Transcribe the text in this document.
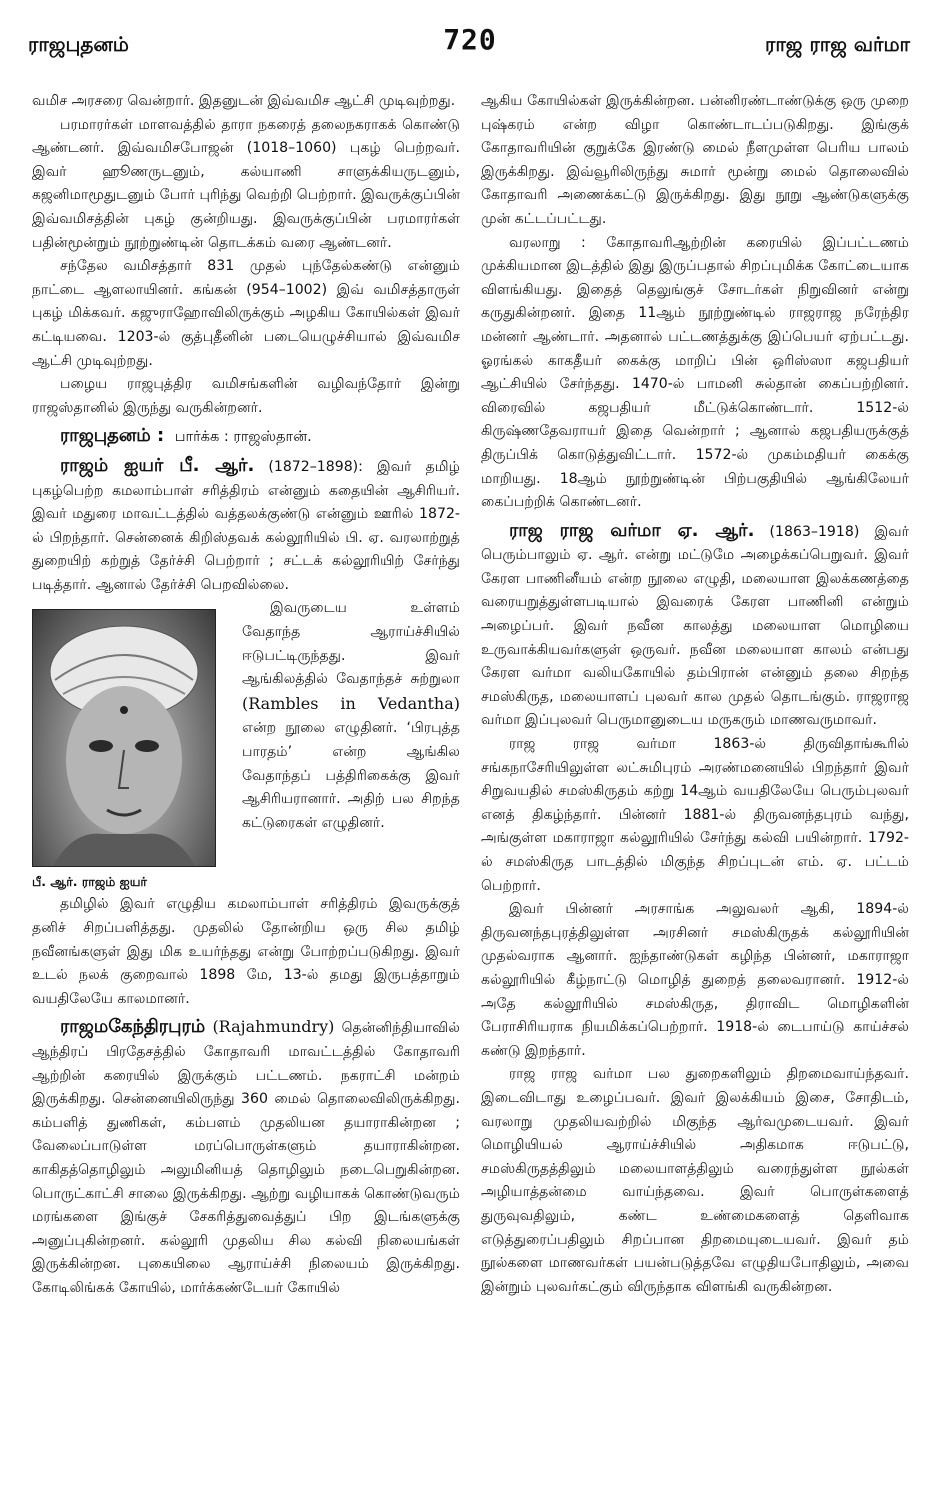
ராஜபுதனம்	720	ராஜ ராஜ வர்மா

வமிச அரசரை வென்றார். இதனுடன் இவ்வமிச ஆட்சி முடிவுற்றது.

பரமாரர்கள் மாளவத்தில் தாரா நகரைத் தலைநகராகக் கொண்டு ஆண்டனர். இவ்வமிசபோஜன் (1018–1060) புகழ் பெற்றவர். இவர் ஹூணருடனும், கல்யாணி சாளுக்கியருடனும், கஜனிமாமூதுடனும் போர் புரிந்து வெற்றி பெற்றார். இவருக்குப்பின் இவ்வமிசத்தின் புகழ் குன்றியது. இவருக்குப்பின் பரமாரர்கள் பதின்மூன்றும் நூற்றுண்டின் தொடக்கம் வரை ஆண்டனர்.

சந்தேல வமிசத்தார் 831 முதல் புந்தேல்கண்டு என்னும் நாட்டை ஆளலாயினர். கங்கன் (954–1002) இவ் வமிசத்தாருள் புகழ் மிக்கவர். கஜுராஹோவிலிருக்கும் அழகிய கோயில்கள் இவர் கட்டியவை. 1203-ல் குத்புதீனின் படையெழுச்சியால் இவ்வமிச ஆட்சி முடிவுற்றது.

பழைய ராஜபுத்திர வமிசங்களின் வழிவந்தோர் இன்று ராஜஸ்தானில் இருந்து வருகின்றனர்.

ராஜபுதனம் : பார்க்க : ராஜஸ்தான்.

ராஜம் ஐயர் பீ. ஆர். (1872–1898): இவர் தமிழ் புகழ்பெற்ற கமலாம்பாள் சரித்திரம் என்னும் கதையின் ஆசிரியர். இவர் மதுரை மாவட்டத்தில் வத்தலக்குண்டு என்னும் ஊரில் 1872-ல் பிறந்தார். சென்னைக் கிறிஸ்தவக் கல்லூரியில் பி. ஏ. வரலாற்றுத் துறையிற் கற்றுத் தேர்ச்சி பெற்றார் ; சட்டக் கல்லூரியிற் சேர்ந்து படித்தார். ஆனால் தேர்ச்சி பெறவில்லை.

பீ. ஆர். ராஜம் ஐயர்

இவருடைய உள்ளம் வேதாந்த ஆராய்ச்சியில் ஈடுபட்டிருந்தது. இவர் ஆங்கிலத்தில் வேதாந்தச் சுற்றுலா (Rambles in Vedantha) என்ற நூலை எழுதினர். ‘பிரபுத்த பாரதம்’ என்ற ஆங்கில வேதாந்தப் பத்திரிகைக்கு இவர் ஆசிரியரானார். அதிற் பல சிறந்த கட்டுரைகள் எழுதினர்.

தமிழில் இவர் எழுதிய கமலாம்பாள் சரித்திரம் இவருக்குத் தனிச் சிறப்பளித்தது. முதலில் தோன்றிய ஒரு சில தமிழ் நவீனங்களுள் இது மிக உயர்ந்தது என்று போற்றப்படுகிறது. இவர் உடல் நலக் குறைவால் 1898 மே, 13-ல் தமது இருபத்தாறும் வயதிலேயே காலமானர்.

ராஜமகேந்திரபுரம் (Rajahmundry) தென்னிந்தியாவில் ஆந்திரப் பிரதேசத்தில் கோதாவரி மாவட்டத்தில் கோதாவரி ஆற்றின் கரையில் இருக்கும் பட்டணம். நகராட்சி மன்றம் இருக்கிறது. சென்னையிலிருந்து 360 மைல் தொலைவிலிருக்கிறது. கம்பளித் துணிகள், கம்பளம் முதலியன தயாராகின்றன ; வேலைப்பாடுள்ள மரப்பொருள்களும் தயாராகின்றன. காகிதத்தொழிலும் அலுமினியத் தொழிலும் நடைபெறுகின்றன. பொருட்காட்சி சாலை இருக்கிறது. ஆற்று வழியாகக் கொண்டுவரும் மரங்களை இங்குச் சேகரித்துவைத்துப் பிற இடங்களுக்கு அனுப்புகின்றனர். கல்லூரி முதலிய சில கல்வி நிலையங்கள் இருக்கின்றன. புகையிலை ஆராய்ச்சி நிலையம் இருக்கிறது. கோடிலிங்கக் கோயில், மார்க்கண்டேயர் கோயில்

ஆகிய கோயில்கள் இருக்கின்றன. பன்னிரண்டாண்டுக்கு ஒரு முறை புஷ்கரம் என்ற விழா கொண்டாடப்படுகிறது. இங்குக் கோதாவரியின் குறுக்கே இரண்டு மைல் நீளமுள்ள பெரிய பாலம் இருக்கிறது. இவ்வூரிலிருந்து சுமார் மூன்று மைல் தொலைவில் கோதாவரி அணைக்கட்டு இருக்கிறது. இது நூறு ஆண்டுகளுக்கு முன் கட்டப்பட்டது.

வரலாறு : கோதாவரிஆற்றின் கரையில் இப்பட்டணம் முக்கியமான இடத்தில் இது இருப்பதால் சிறப்புமிக்க கோட்டையாக விளங்கியது. இதைத் தெலுங்குச் சோடர்கள் நிறுவினர் என்று கருதுகின்றனர். இதை 11ஆம் நூற்றுண்டில் ராஜராஜ நரேந்திர மன்னர் ஆண்டார். அதனால் பட்டணத்துக்கு இப்பெயர் ஏற்பட்டது. ஓரங்கல் காகதீயர் கைக்கு மாறிப் பின் ஒரிஸ்ஸா கஜபதியர் ஆட்சியில் சேர்ந்தது. 1470-ல் பாமனி சுல்தான் கைப்பற்றினர். விரைவில் கஜபதியர் மீட்டுக்கொண்டார். 1512-ல் கிருஷ்ணதேவராயர் இதை வென்றார் ; ஆனால் கஜபதியருக்குத் திருப்பிக் கொடுத்துவிட்டார். 1572-ல் முகம்மதியர் கைக்கு மாறியது. 18ஆம் நூற்றுண்டின் பிற்பகுதியில் ஆங்கிலேயர் கைப்பற்றிக் கொண்டனர்.

ராஜ ராஜ வர்மா ஏ. ஆர். (1863–1918) இவர் பெரும்பாலும் ஏ. ஆர். என்று மட்டுமே அழைக்கப்பெறுவர். இவர் கேரள பாணினீயம் என்ற நூலை எழுதி, மலையாள இலக்கணத்தை வரையறுத்துள்ளபடியால் இவரைக் கேரள பாணினி என்றும் அழைப்பர். இவர் நவீன காலத்து மலையாள மொழியை உருவாக்கியவர்களுள் ஒருவர். நவீன மலையாள காலம் என்பது கேரள வர்மா வலியகோயில் தம்பிரான் என்னும் தலை சிறந்த சமஸ்கிருத, மலையாளப் புலவர் கால முதல் தொடங்கும். ராஜராஜ வர்மா இப்புலவர் பெருமானுடைய மருகரும் மாணவருமாவர்.

ராஜ ராஜ வர்மா 1863-ல் திருவிதாங்கூரில் சங்கநாசேரியிலுள்ள லட்சுமிபுரம் அரண்மனையில் பிறந்தார் இவர் சிறுவயதில் சமஸ்கிருதம் கற்று 14ஆம் வயதிலேயே பெரும்புலவர் எனத் திகழ்ந்தார். பின்னர் 1881-ல் திருவனந்தபுரம் வந்து, அங்குள்ள மகாராஜா கல்லூரியில் சேர்ந்து கல்வி பயின்றார். 1792-ல் சமஸ்கிருத பாடத்தில் மிகுந்த சிறப்புடன் எம். ஏ. பட்டம் பெற்றார்.

இவர் பின்னர் அரசாங்க அலுவலர் ஆகி, 1894-ல் திருவனந்தபுரத்திலுள்ள அரசினர் சமஸ்கிருதக் கல்லூரியின் முதல்வராக ஆனார். ஐந்தாண்டுகள் கழிந்த பின்னர், மகாராஜா கல்லூரியில் கீழ்நாட்டு மொழித் துறைத் தலைவரானர். 1912-ல் அதே கல்லூரியில் சமஸ்கிருத, திராவிட மொழிகளின் பேராசிரியராக நியமிக்கப்பெற்றார். 1918-ல் டைபாய்டு காய்ச்சல் கண்டு இறந்தார்.

ராஜ ராஜ வர்மா பல துறைகளிலும் திறமைவாய்ந்தவர். இடைவிடாது உழைப்பவர். இவர் இலக்கியம் இசை, சோதிடம், வரலாறு முதலியவற்றில் மிகுந்த ஆர்வமுடையவர். இவர் மொழியியல் ஆராய்ச்சியில் அதிகமாக ஈடுபட்டு, சமஸ்கிருதத்திலும் மலையாளத்திலும் வரைந்துள்ள நூல்கள் அழியாத்தன்மை வாய்ந்தவை. இவர் பொருள்களைத் துருவுவதிலும், கண்ட உண்மைகளைத் தெளிவாக எடுத்துரைப்பதிலும் சிறப்பான திறமையுடையவர். இவர் தம் நூல்களை மாணவர்கள் பயன்படுத்தவே எழுதியபோதிலும், அவை இன்றும் புலவர்கட்கும் விருந்தாக விளங்கி வருகின்றன.
